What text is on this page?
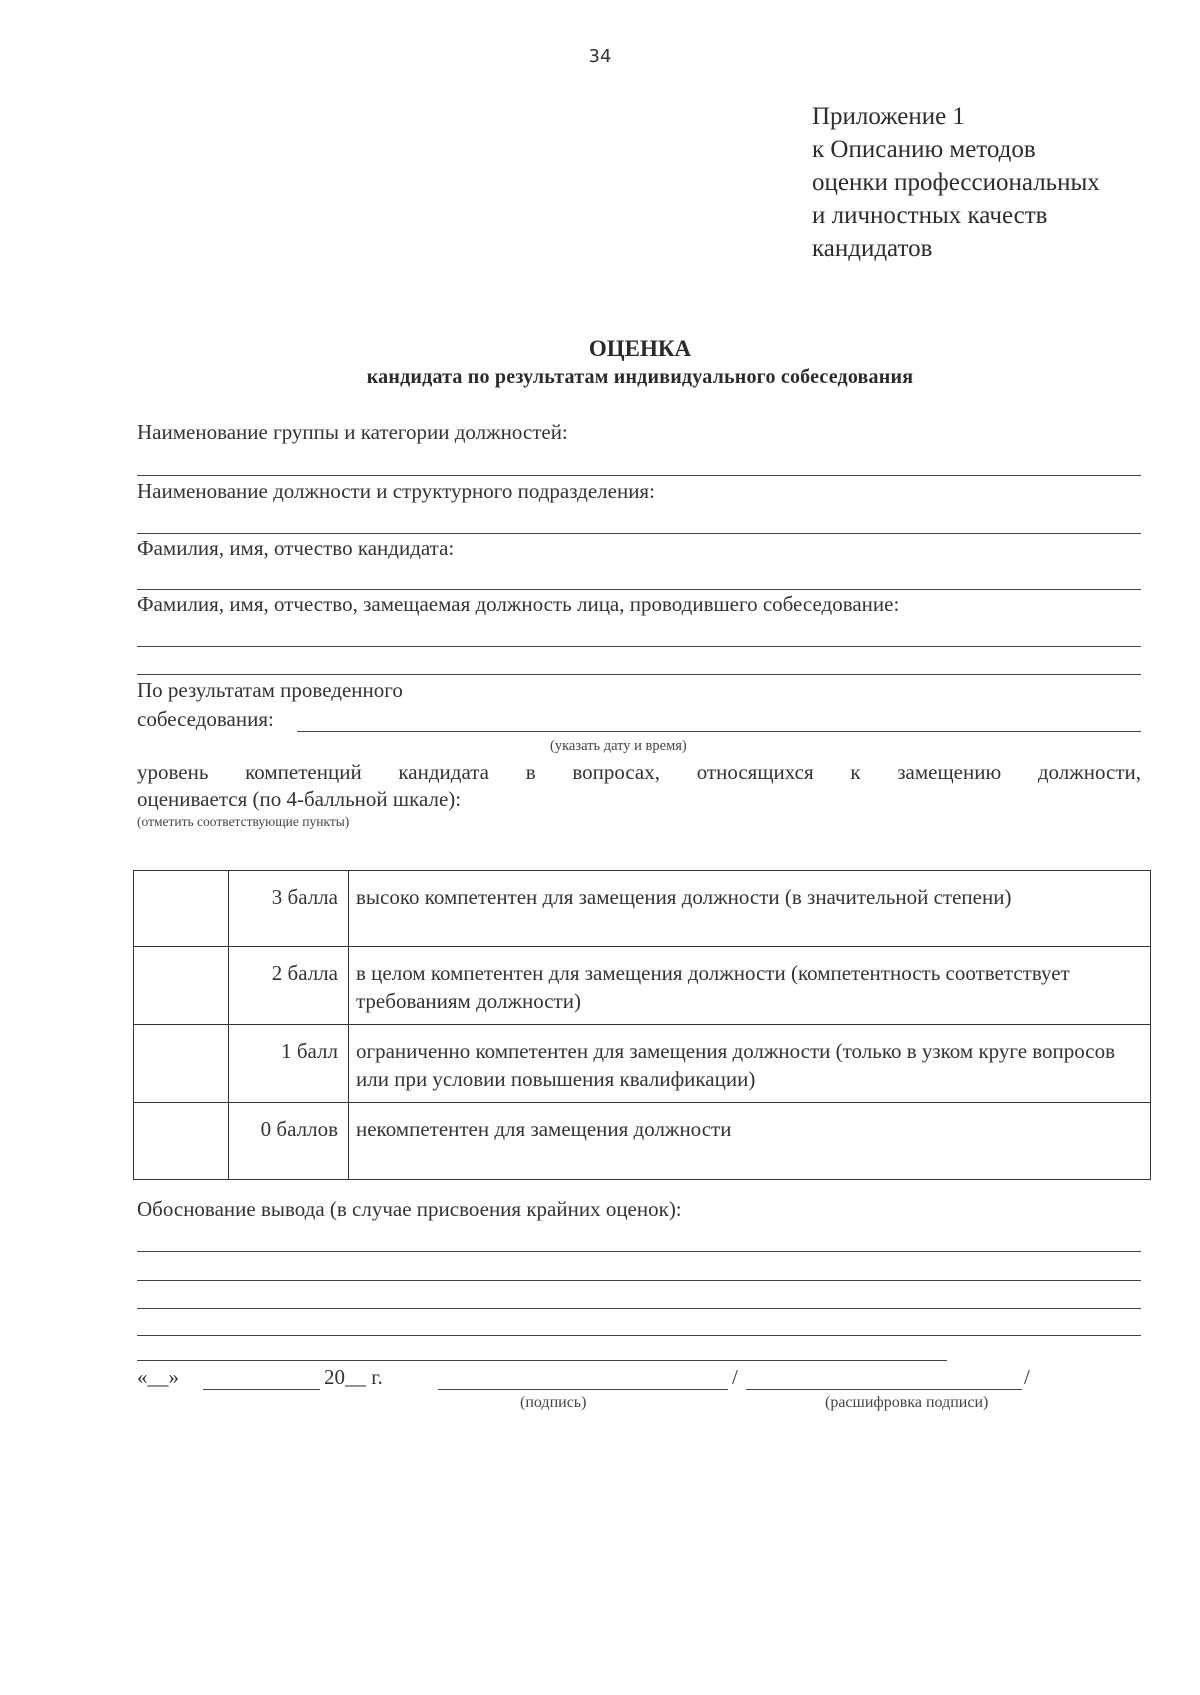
34
Приложение 1
к Описанию методов
оценки профессиональных
и личностных качеств
кандидатов
ОЦЕНКА
кандидата по результатам индивидуального собеседования
Наименование группы и категории должностей:
Наименование должности и структурного подразделения:
Фамилия, имя, отчество кандидата:
Фамилия, имя, отчество, замещаемая должность лица, проводившего собеседование:
По результатам проведенного
собеседования:
(указать дату и время)
уровень компетенций кандидата в вопросах, относящихся к замещению должности,
оценивается (по 4-балльной шкале):
(отметить соответствующие пункты)
	3 балла	высоко компетентен для замещения должности (в значительной степени)
	2 балла	в целом компетентен для замещения должности (компетентность соответствует требованиям должности)
	1 балл	ограниченно компетентен для замещения должности (только в узком круге вопросов или при условии повышения квалификации)
	0 баллов	некомпетентен для замещения должности
Обоснование вывода (в случае присвоения крайних оценок):
«__»	20__ г.	/	/
(подпись)	(расшифровка подписи)
